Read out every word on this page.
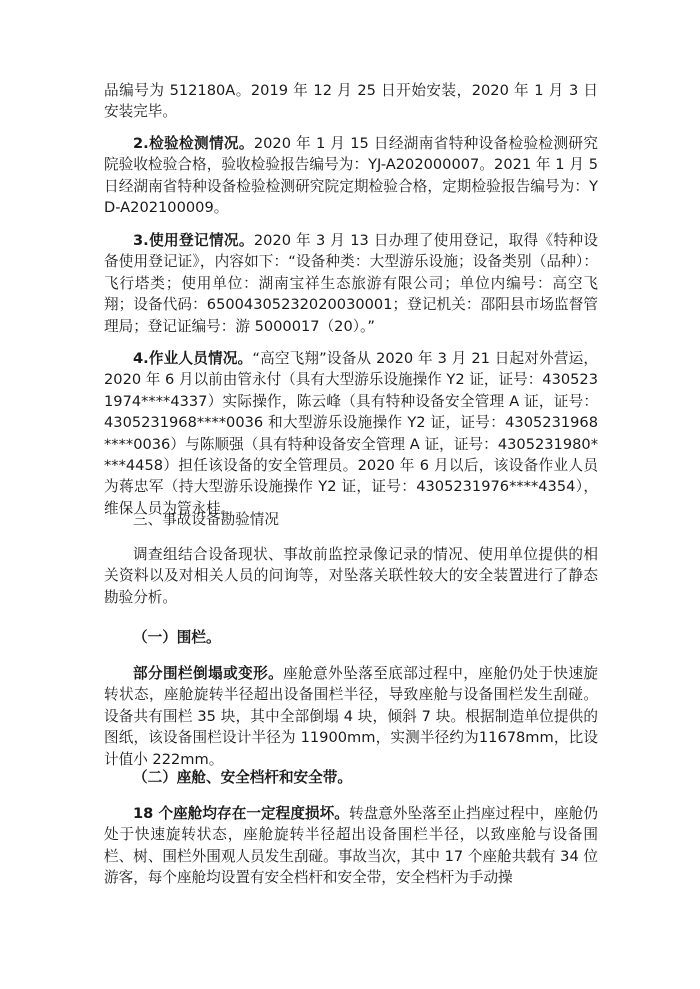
品编号为 512180A。2019 年 12 月 25 日开始安装，2020 年 1 月 3 日安装完毕。

2.检验检测情况。2020 年 1 月 15 日经湖南省特种设备检验检测研究院验收检验合格，验收检验报告编号为：YJ-A202000007。2021 年 1 月 5 日经湖南省特种设备检验检测研究院定期检验合格，定期检验报告编号为：YD-A202100009。

3.使用登记情况。2020 年 3 月 13 日办理了使用登记，取得《特种设备使用登记证》，内容如下：“设备种类：大型游乐设施；设备类别（品种）：飞行塔类；使用单位：湖南宝祥生态旅游有限公司；单位内编号：高空飞翔；设备代码：65004305232020030001；登记机关：邵阳县市场监督管理局；登记证编号：游 5000017（20）。”

4.作业人员情况。“高空飞翔”设备从 2020 年 3 月 21 日起对外营运，2020 年 6 月以前由管永付（具有大型游乐设施操作 Y2 证，证号：4305231974****4337）实际操作，陈云峰（具有特种设备安全管理 A 证，证号：4305231968****0036 和大型游乐设施操作 Y2 证，证号：4305231968****0036）与陈顺强（具有特种设备安全管理 A 证，证号：4305231980****4458）担任该设备的安全管理员。2020 年 6 月以后，该设备作业人员为蒋忠军（持大型游乐设施操作 Y2 证，证号：4305231976****4354），维保人员为管永桂。

三、事故设备勘验情况

调查组结合设备现状、事故前监控录像记录的情况、使用单位提供的相关资料以及对相关人员的问询等，对坠落关联性较大的安全装置进行了静态勘验分析。

（一）围栏。

部分围栏倒塌或变形。座舱意外坠落至底部过程中，座舱仍处于快速旋转状态，座舱旋转半径超出设备围栏半径，导致座舱与设备围栏发生刮碰。设备共有围栏 35 块，其中全部倒塌 4 块，倾斜 7 块。根据制造单位提供的图纸，该设备围栏设计半径为 11900mm，实测半径约为11678mm，比设计值小 222mm。

（二）座舱、安全档杆和安全带。

18 个座舱均存在一定程度损坏。转盘意外坠落至止挡座过程中，座舱仍处于快速旋转状态，座舱旋转半径超出设备围栏半径，以致座舱与设备围栏、树、围栏外围观人员发生刮碰。事故当次，其中 17 个座舱共载有 34 位游客，每个座舱均设置有安全档杆和安全带，安全档杆为手动操
